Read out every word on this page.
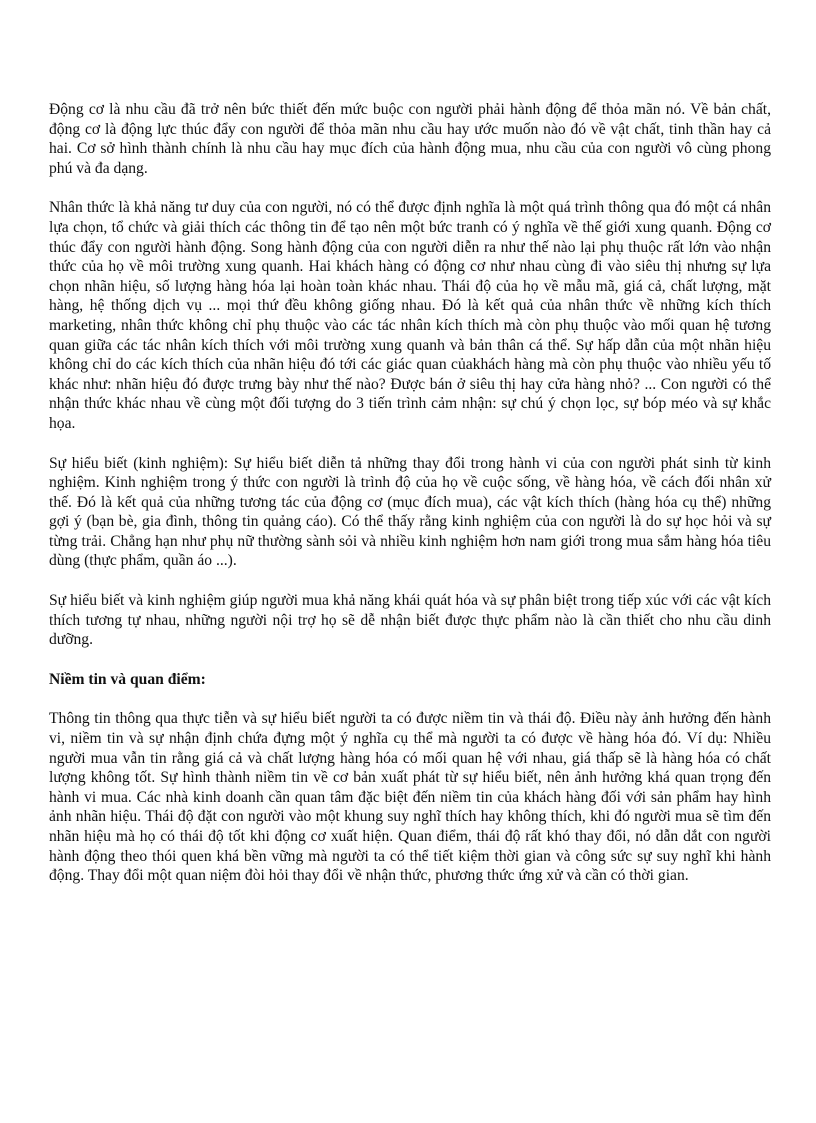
Động cơ là nhu cầu đã trở nên bức thiết đến mức buộc con người phải hành động để thỏa mãn nó. Về bản chất, động cơ là động lực thúc đẩy con người để thỏa mãn nhu cầu hay ước muốn nào đó về vật chất, tinh thần hay cả hai. Cơ sở hình thành chính là nhu cầu hay mục đích của hành động mua, nhu cầu của con người vô cùng phong phú và đa dạng.

Nhân thức là khả năng tư duy của con người, nó có thể được định nghĩa là một quá trình thông qua đó một cá nhân lựa chọn, tổ chức và giải thích các thông tin để tạo nên một bức tranh có ý nghĩa về thế giới xung quanh. Động cơ thúc đẩy con người hành động. Song hành động của con người diễn ra như thế nào lại phụ thuộc rất lớn vào nhận thức của họ về môi trường xung quanh. Hai khách hàng có động cơ như nhau cùng đi vào siêu thị nhưng sự lựa chọn nhãn hiệu, số lượng hàng hóa lại hoàn toàn khác nhau. Thái độ của họ về mẫu mã, giá cả, chất lượng, mặt hàng, hệ thống dịch vụ ... mọi thứ đều không giống nhau. Đó là kết quả của nhân thức về những kích thích marketing, nhân thức không chỉ phụ thuộc vào các tác nhân kích thích mà còn phụ thuộc vào mối quan hệ tương quan giữa các tác nhân kích thích với môi trường xung quanh và bản thân cá thể. Sự hấp dẫn của một nhãn hiệu không chỉ do các kích thích của nhãn hiệu đó tới các giác quan củakhách hàng mà còn phụ thuộc vào nhiều yếu tố khác như: nhãn hiệu đó được trưng bày như thế nào? Được bán ở siêu thị hay cửa hàng nhỏ? ... Con người có thể nhận thức khác nhau về cùng một đối tượng do 3 tiến trình cảm nhận: sự chú ý chọn lọc, sự bóp méo và sự khắc họa.

Sự hiểu biết (kinh nghiệm): Sự hiểu biết diễn tả những thay đổi trong hành vi của con người phát sinh từ kinh nghiệm. Kinh nghiệm trong ý thức con người là trình độ của họ về cuộc sống, về hàng hóa, về cách đối nhân xử thế. Đó là kết quả của những tương tác của động cơ (mục đích mua), các vật kích thích (hàng hóa cụ thể) những gợi ý (bạn bè, gia đình, thông tin quảng cáo). Có thể thấy rằng kinh nghiệm của con người là do sự học hỏi và sự từng trải. Chẳng hạn như phụ nữ thường sành sỏi và nhiều kinh nghiệm hơn nam giới trong mua sắm hàng hóa tiêu dùng (thực phẩm, quần áo ...).

Sự hiểu biết và kinh nghiệm giúp người mua khả năng khái quát hóa và sự phân biệt trong tiếp xúc với các vật kích thích tương tự nhau, những người nội trợ họ sẽ dễ nhận biết được thực phẩm nào là cần thiết cho nhu cầu dinh dưỡng.

Niềm tin và quan điểm:

Thông tin thông qua thực tiễn và sự hiểu biết người ta có được niềm tin và thái độ. Điều này ảnh hưởng đến hành vi, niềm tin và sự nhận định chứa đựng một ý nghĩa cụ thể mà người ta có được về hàng hóa đó. Ví dụ: Nhiều người mua vẫn tin rằng giá cả và chất lượng hàng hóa có mối quan hệ với nhau, giá thấp sẽ là hàng hóa có chất lượng không tốt. Sự hình thành niềm tin về cơ bản xuất phát từ sự hiểu biết, nên ảnh hưởng khá quan trọng đến hành vi mua. Các nhà kinh doanh cần quan tâm đặc biệt đến niềm tin của khách hàng đối với sản phẩm hay hình ảnh nhãn hiệu. Thái độ đặt con người vào một khung suy nghĩ thích hay không thích, khi đó người mua sẽ tìm đến nhãn hiệu mà họ có thái độ tốt khi động cơ xuất hiện. Quan điểm, thái độ rất khó thay đổi, nó dẫn dắt con người hành động theo thói quen khá bền vững mà người ta có thể tiết kiệm thời gian và công sức sự suy nghĩ khi hành động. Thay đổi một quan niệm đòi hỏi thay đổi về nhận thức, phương thức ứng xử và cần có thời gian.
